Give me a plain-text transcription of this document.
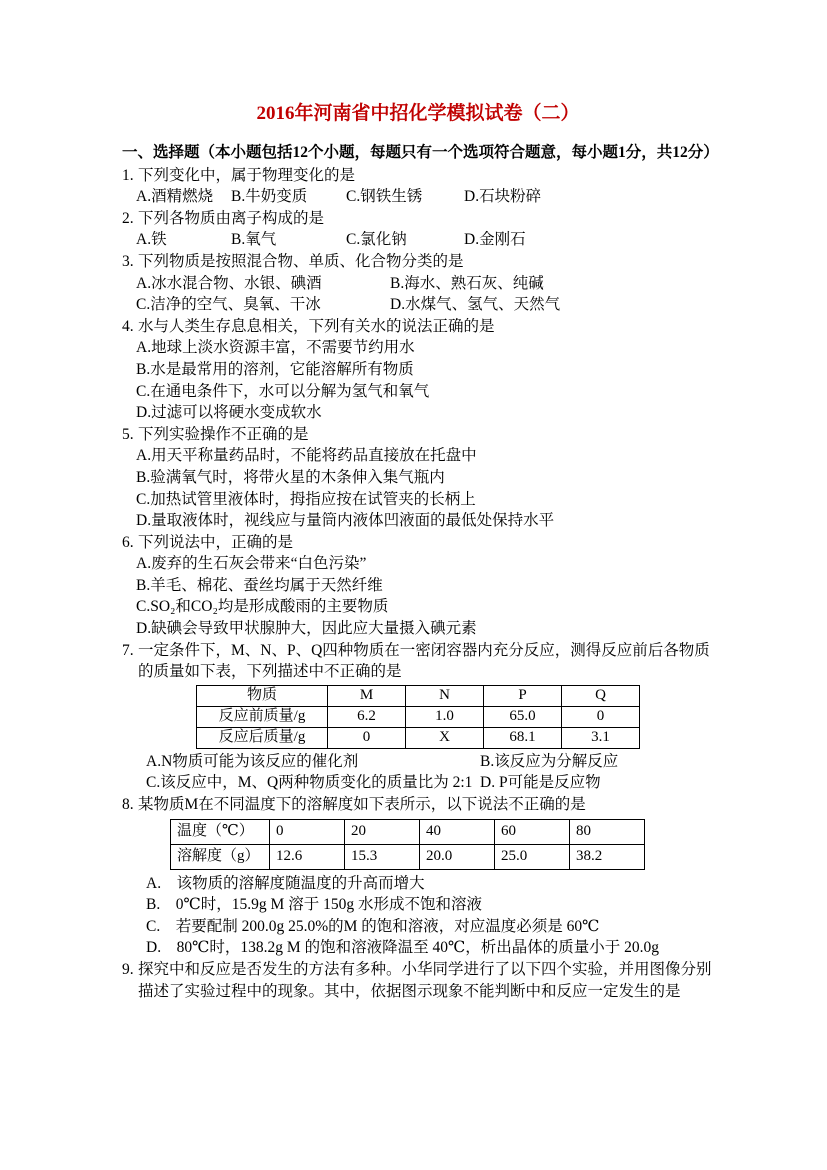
2016年河南省中招化学模拟试卷（二）
一、选择题（本小题包括12个小题，每题只有一个选项符合题意，每小题1分，共12分）
1. 下列变化中，属于物理变化的是
A.酒精燃烧	B.牛奶变质	C.钢铁生锈	D.石块粉碎
2. 下列各物质由离子构成的是
A.铁	B.氧气	C.氯化钠	D.金刚石
3. 下列物质是按照混合物、单质、化合物分类的是
A.冰水混合物、水银、碘酒	B.海水、熟石灰、纯碱
C.洁净的空气、臭氧、干冰	D.水煤气、氢气、天然气
4. 水与人类生存息息相关，下列有关水的说法正确的是
A.地球上淡水资源丰富，不需要节约用水
B.水是最常用的溶剂，它能溶解所有物质
C.在通电条件下，水可以分解为氢气和氧气
D.过滤可以将硬水变成软水
5. 下列实验操作不正确的是
A.用天平称量药品时，不能将药品直接放在托盘中
B.验满氧气时，将带火星的木条伸入集气瓶内
C.加热试管里液体时，拇指应按在试管夹的长柄上
D.量取液体时，视线应与量筒内液体凹液面的最低处保持水平
6. 下列说法中，正确的是
A.废弃的生石灰会带来“白色污染”
B.羊毛、棉花、蚕丝均属于天然纤维
C.SO₂和CO₂均是形成酸雨的主要物质
D.缺碘会导致甲状腺肿大，因此应大量摄入碘元素
7. 一定条件下，M、N、P、Q四种物质在一密闭容器内充分反应，测得反应前后各物质的质量如下表，下列描述中不正确的是
物质	M	N	P	Q
反应前质量/g	6.2	1.0	65.0	0
反应后质量/g	0	X	68.1	3.1
A.N物质可能为该反应的催化剂	B.该反应为分解反应
C.该反应中，M、Q两种物质变化的质量比为 2:1 D. P可能是反应物
8. 某物质M在不同温度下的溶解度如下表所示，以下说法不正确的是
温度（℃）	0	20	40	60	80
溶解度（g）	12.6	15.3	20.0	25.0	38.2
A.　该物质的溶解度随温度的升高而增大
B.　0℃时，15.9g M 溶于 150g 水形成不饱和溶液
C.　若要配制 200.0g 25.0%的M 的饱和溶液，对应温度必须是 60℃
D.　80℃时，138.2g M 的饱和溶液降温至 40℃，析出晶体的质量小于 20.0g
9. 探究中和反应是否发生的方法有多种。小华同学进行了以下四个实验，并用图像分别描述了实验过程中的现象。其中，依据图示现象不能判断中和反应一定发生的是
